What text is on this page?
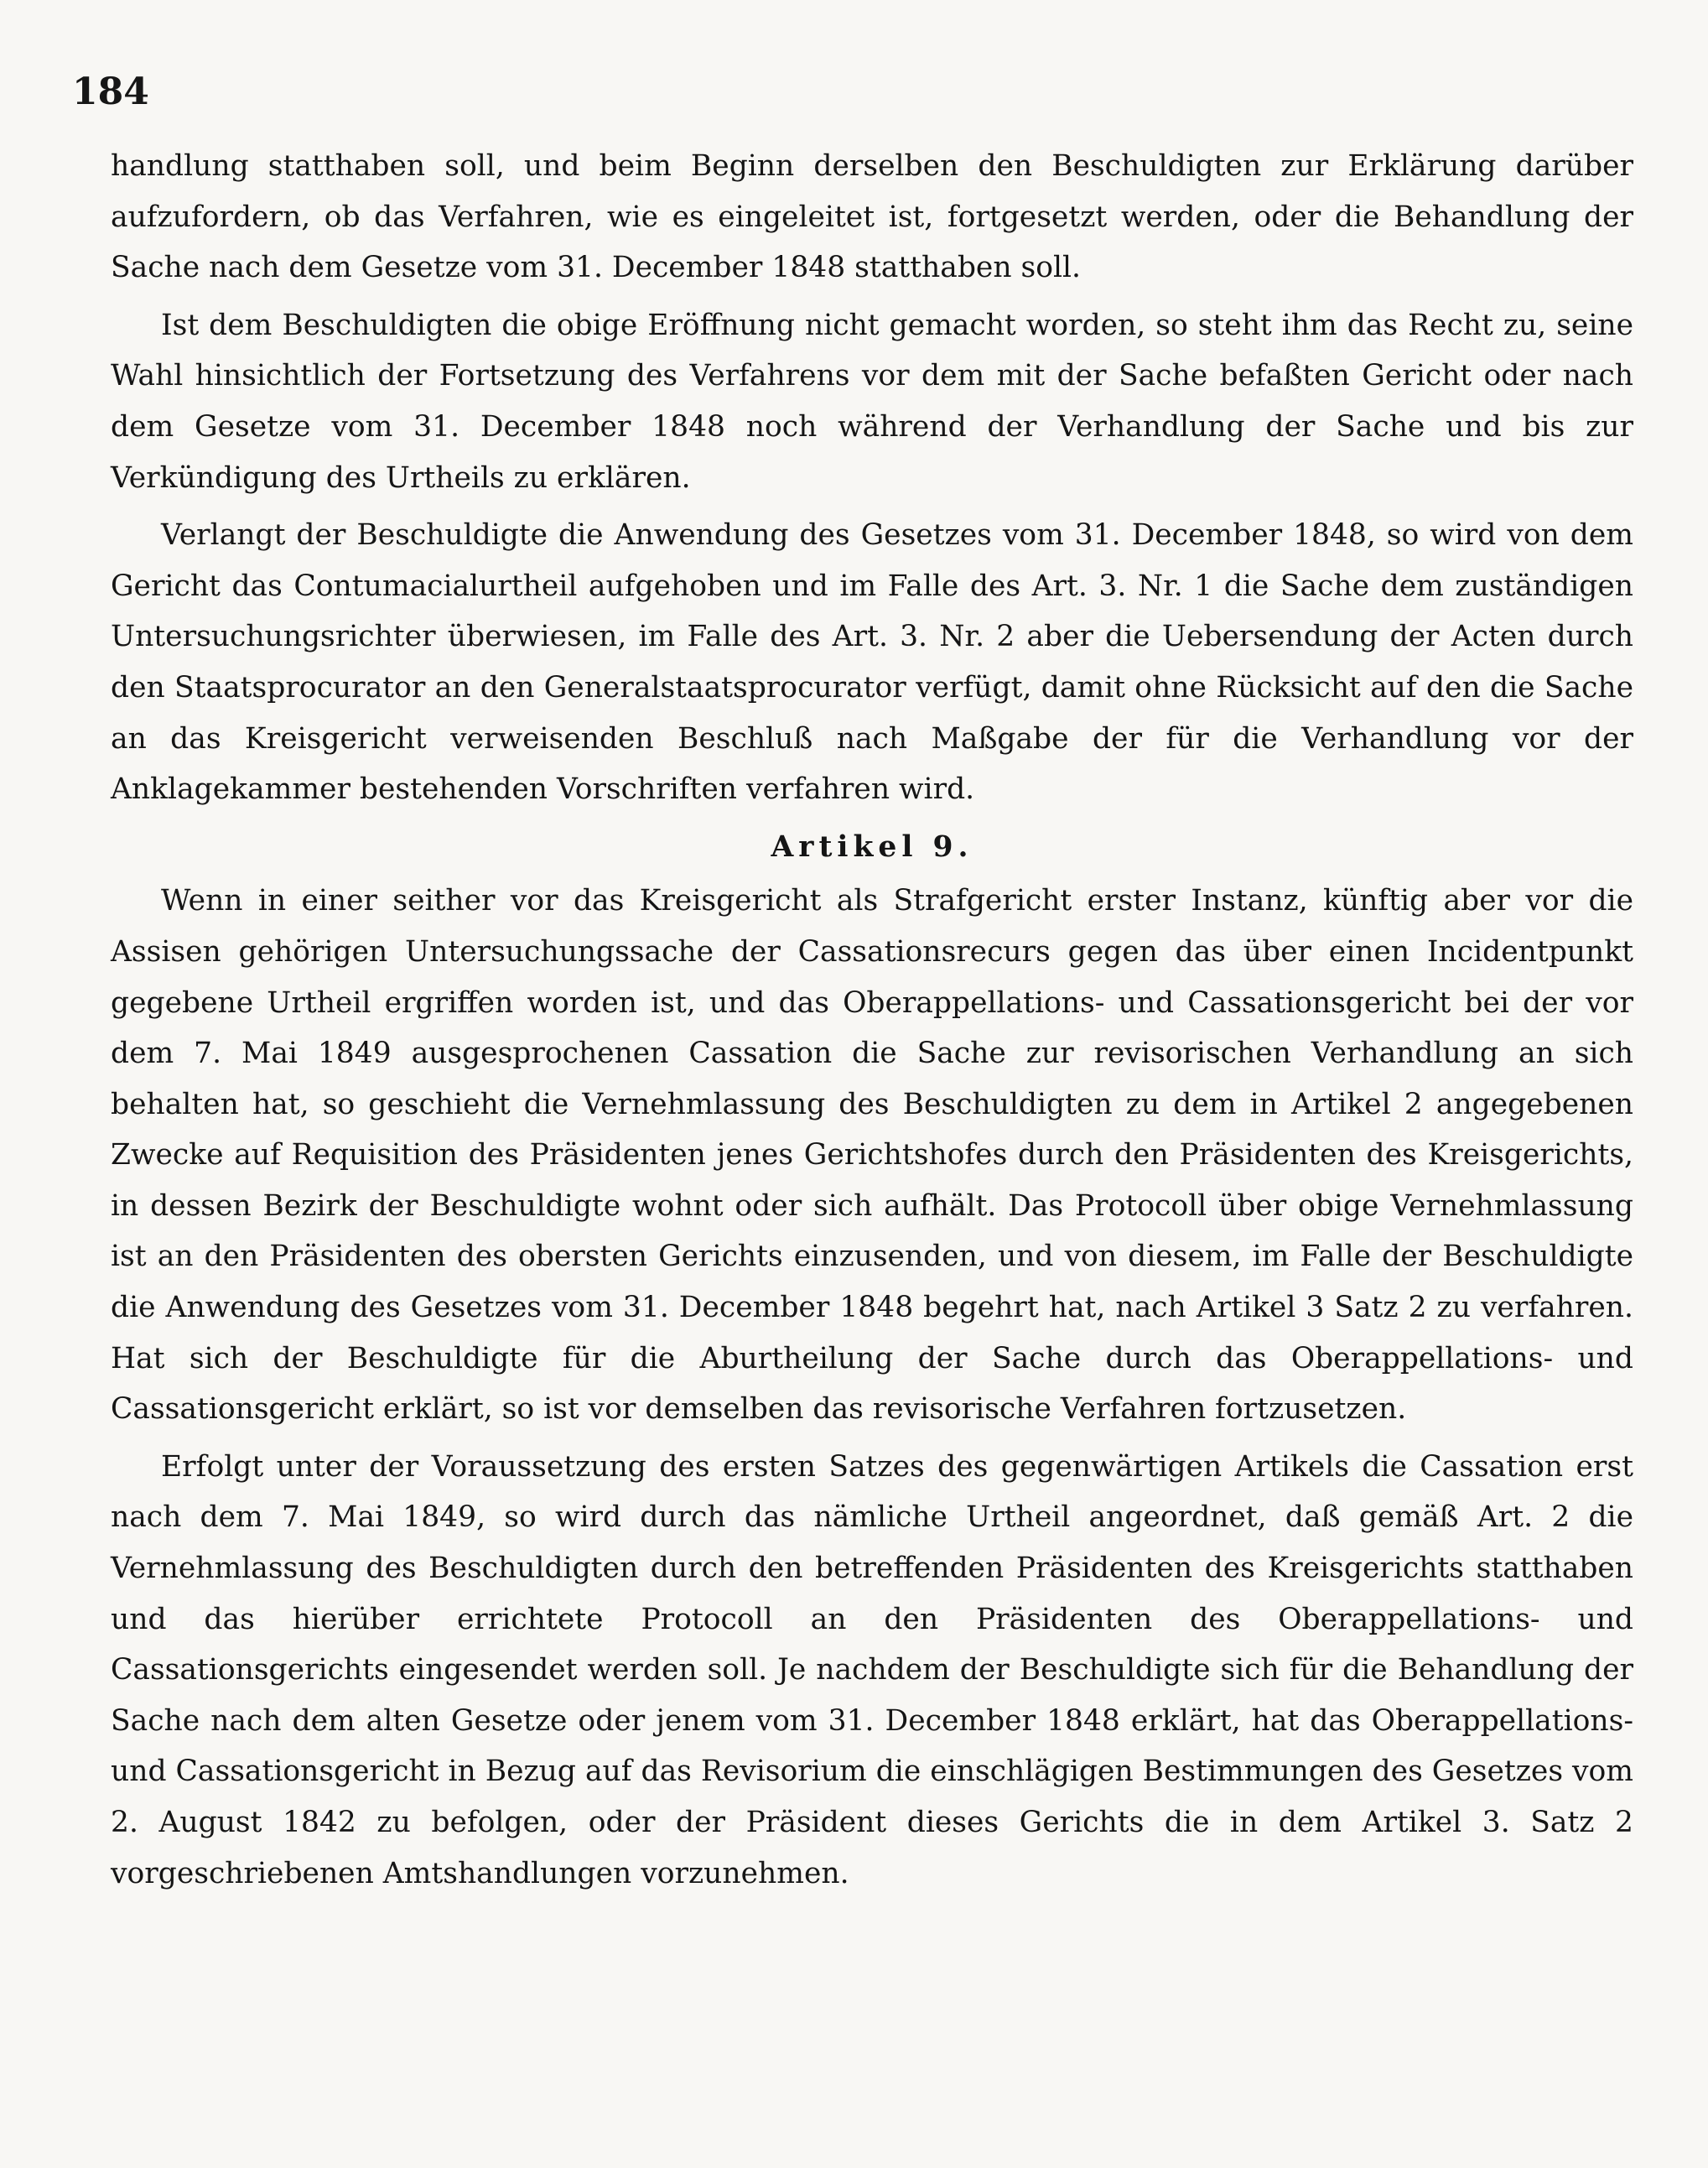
184

handlung statthaben soll, und beim Beginn derselben den Beschuldigten zur Erklärung darüber aufzufordern, ob das Verfahren, wie es eingeleitet ist, fortgesetzt werden, oder die Behandlung der Sache nach dem Gesetze vom 31. December 1848 statthaben soll.

Ist dem Beschuldigten die obige Eröffnung nicht gemacht worden, so steht ihm das Recht zu, seine Wahl hinsichtlich der Fortsetzung des Verfahrens vor dem mit der Sache befaßten Gericht oder nach dem Gesetze vom 31. December 1848 noch während der Verhandlung der Sache und bis zur Verkündigung des Urtheils zu erklären.

Verlangt der Beschuldigte die Anwendung des Gesetzes vom 31. December 1848, so wird von dem Gericht das Contumacialurtheil aufgehoben und im Falle des Art. 3. Nr. 1 die Sache dem zuständigen Untersuchungsrichter überwiesen, im Falle des Art. 3. Nr. 2 aber die Uebersendung der Acten durch den Staatsprocurator an den Generalstaatsprocurator verfügt, damit ohne Rücksicht auf den die Sache an das Kreisgericht verweisenden Beschluß nach Maßgabe der für die Verhandlung vor der Anklagekammer bestehenden Vorschriften verfahren wird.

Artikel 9.

Wenn in einer seither vor das Kreisgericht als Strafgericht erster Instanz, künftig aber vor die Assisen gehörigen Untersuchungssache der Cassationsrecurs gegen das über einen Incidentpunkt gegebene Urtheil ergriffen worden ist, und das Oberappellations- und Cassationsgericht bei der vor dem 7. Mai 1849 ausgesprochenen Cassation die Sache zur revisorischen Verhandlung an sich behalten hat, so geschieht die Vernehmlassung des Beschuldigten zu dem in Artikel 2 angegebenen Zwecke auf Requisition des Präsidenten jenes Gerichtshofes durch den Präsidenten des Kreisgerichts, in dessen Bezirk der Beschuldigte wohnt oder sich aufhält. Das Protocoll über obige Vernehmlassung ist an den Präsidenten des obersten Gerichts einzusenden, und von diesem, im Falle der Beschuldigte die Anwendung des Gesetzes vom 31. December 1848 begehrt hat, nach Artikel 3 Satz 2 zu verfahren. Hat sich der Beschuldigte für die Aburtheilung der Sache durch das Oberappellations- und Cassationsgericht erklärt, so ist vor demselben das revisorische Verfahren fortzusetzen.

Erfolgt unter der Voraussetzung des ersten Satzes des gegenwärtigen Artikels die Cassation erst nach dem 7. Mai 1849, so wird durch das nämliche Urtheil angeordnet, daß gemäß Art. 2 die Vernehmlassung des Beschuldigten durch den betreffenden Präsidenten des Kreisgerichts statthaben und das hierüber errichtete Protocoll an den Präsidenten des Oberappellations- und Cassationsgerichts eingesendet werden soll. Je nachdem der Beschuldigte sich für die Behandlung der Sache nach dem alten Gesetze oder jenem vom 31. December 1848 erklärt, hat das Oberappellations- und Cassationsgericht in Bezug auf das Revisorium die einschlägigen Bestimmungen des Gesetzes vom 2. August 1842 zu befolgen, oder der Präsident dieses Gerichts die in dem Artikel 3. Satz 2 vorgeschriebenen Amtshandlungen vorzunehmen.
